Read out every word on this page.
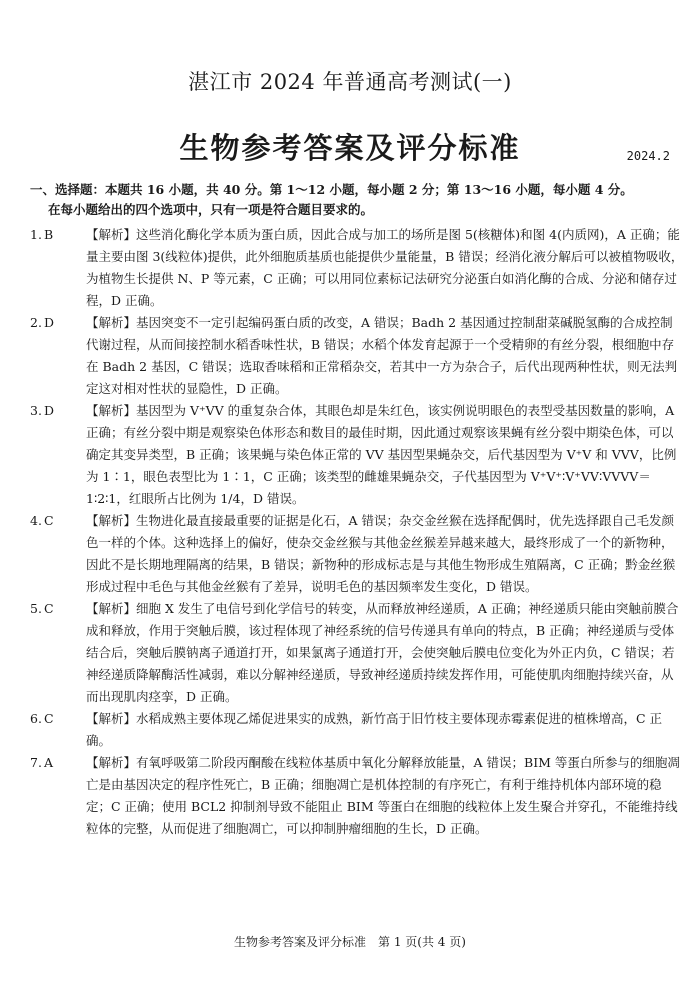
湛江市 2024 年普通高考测试(一)
生物参考答案及评分标准	2024.2
一、选择题：本题共 16 小题，共 40 分。第 1～12 小题，每小题 2 分；第 13～16 小题，每小题 4 分。
在每小题给出的四个选项中，只有一项是符合题目要求的。
1. B	【解析】这些消化酶化学本质为蛋白质，因此合成与加工的场所是图 5(核糖体)和图 4(内质网)，A 正确；能量主要由图 3(线粒体)提供，此外细胞质基质也能提供少量能量，B 错误；经消化液分解后可以被植物吸收，为植物生长提供 N、P 等元素，C 正确；可以用同位素标记法研究分泌蛋白如消化酶的合成、分泌和储存过程，D 正确。
2. D	【解析】基因突变不一定引起编码蛋白质的改变，A 错误；Badh 2 基因通过控制甜菜碱脱氢酶的合成控制代谢过程，从而间接控制水稻香味性状，B 错误；水稻个体发育起源于一个受精卵的有丝分裂，根细胞中存在 Badh 2 基因，C 错误；选取香味稻和正常稻杂交，若其中一方为杂合子，后代出现两种性状，则无法判定这对相对性状的显隐性，D 正确。
3. D	【解析】基因型为 V⁺VV 的重复杂合体，其眼色却是朱红色，该实例说明眼色的表型受基因数量的影响，A 正确；有丝分裂中期是观察染色体形态和数目的最佳时期，因此通过观察该果蝇有丝分裂中期染色体，可以确定其变异类型，B 正确；该果蝇与染色体正常的 VV 基因型果蝇杂交，后代基因型为 V⁺V 和 VVV，比例为 1∶1，眼色表型比为 1∶1，C 正确；该类型的雌雄果蝇杂交，子代基因型为 V⁺V⁺∶V⁺VV∶VVVV＝1∶2∶1，红眼所占比例为 1/4，D 错误。
4. C	【解析】生物进化最直接最重要的证据是化石，A 错误；杂交金丝猴在选择配偶时，优先选择跟自己毛发颜色一样的个体。这种选择上的偏好，使杂交金丝猴与其他金丝猴差异越来越大，最终形成了一个的新物种，因此不是长期地理隔离的结果，B 错误；新物种的形成标志是与其他生物形成生殖隔离，C 正确；黔金丝猴形成过程中毛色与其他金丝猴有了差异，说明毛色的基因频率发生变化，D 错误。
5. C	【解析】细胞 X 发生了电信号到化学信号的转变，从而释放神经递质，A 正确；神经递质只能由突触前膜合成和释放，作用于突触后膜，该过程体现了神经系统的信号传递具有单向的特点，B 正确；神经递质与受体结合后，突触后膜钠离子通道打开，如果氯离子通道打开，会使突触后膜电位变化为外正内负，C 错误；若神经递质降解酶活性减弱，难以分解神经递质，导致神经递质持续发挥作用，可能使肌肉细胞持续兴奋，从而出现肌肉痉挛，D 正确。
6. C	【解析】水稻成熟主要体现乙烯促进果实的成熟，新竹高于旧竹枝主要体现赤霉素促进的植株增高，C 正确。
7. A	【解析】有氧呼吸第二阶段丙酮酸在线粒体基质中氧化分解释放能量，A 错误；BIM 等蛋白所参与的细胞凋亡是由基因决定的程序性死亡，B 正确；细胞凋亡是机体控制的有序死亡，有利于维持机体内部环境的稳定；C 正确；使用 BCL2 抑制剂导致不能阻止 BIM 等蛋白在细胞的线粒体上发生聚合并穿孔，不能维持线粒体的完整，从而促进了细胞凋亡，可以抑制肿瘤细胞的生长，D 正确。
生物参考答案及评分标准　第 1 页(共 4 页)
